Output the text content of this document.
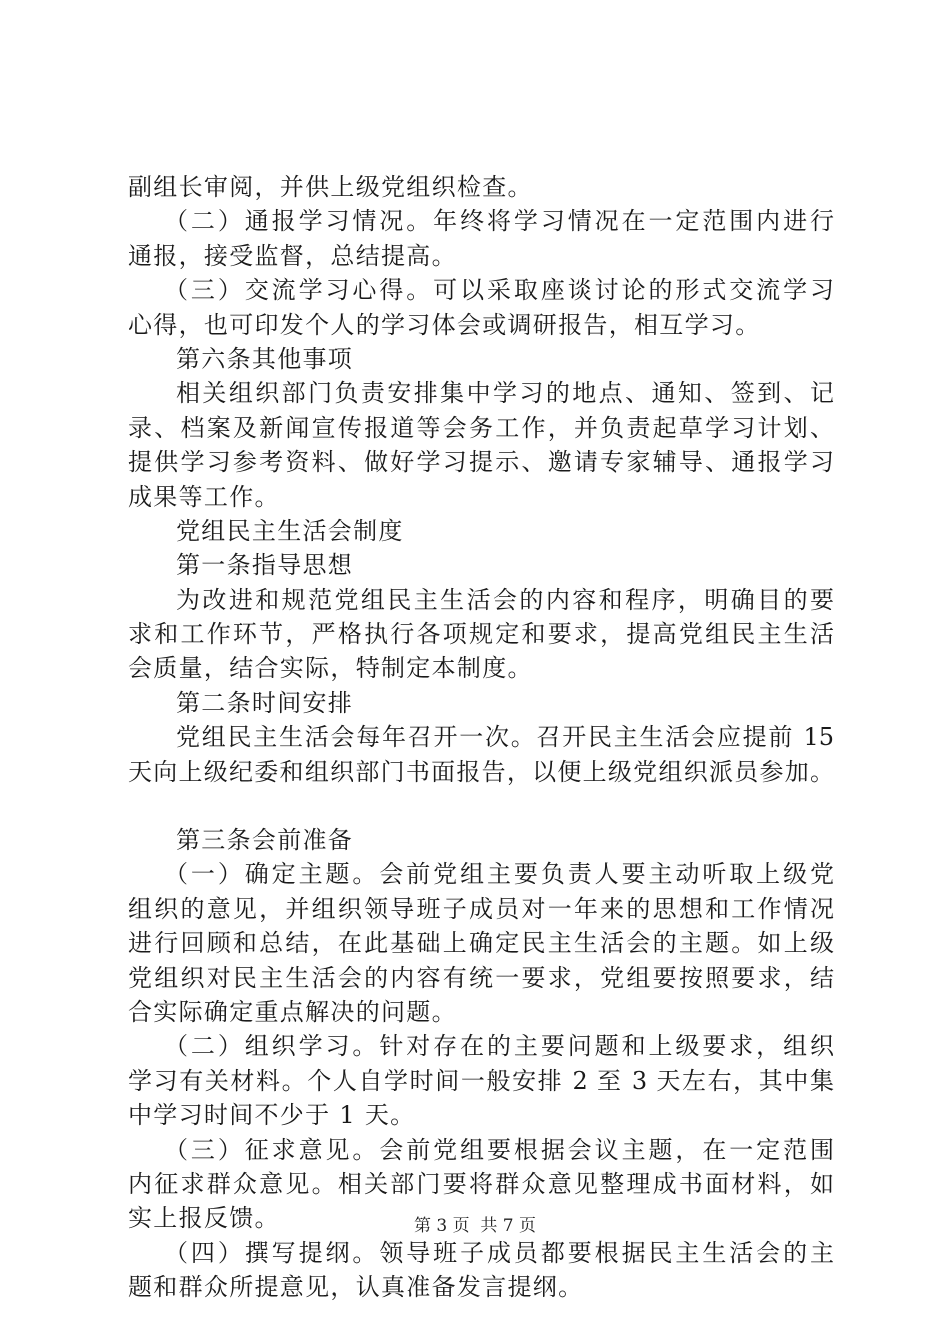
副组长审阅，并供上级党组织检查。
（二）通报学习情况。年终将学习情况在一定范围内进行
通报，接受监督，总结提高。
（三）交流学习心得。可以采取座谈讨论的形式交流学习
心得，也可印发个人的学习体会或调研报告，相互学习。
第六条其他事项
相关组织部门负责安排集中学习的地点、通知、签到、记
录、档案及新闻宣传报道等会务工作，并负责起草学习计划、
提供学习参考资料、做好学习提示、邀请专家辅导、通报学习
成果等工作。
党组民主生活会制度
第一条指导思想
为改进和规范党组民主生活会的内容和程序，明确目的要
求和工作环节，严格执行各项规定和要求，提高党组民主生活
会质量，结合实际，特制定本制度。
第二条时间安排
党组民主生活会每年召开一次。召开民主生活会应提前 15
天向上级纪委和组织部门书面报告，以便上级党组织派员参加。
第三条会前准备
（一）确定主题。会前党组主要负责人要主动听取上级党
组织的意见，并组织领导班子成员对一年来的思想和工作情况
进行回顾和总结，在此基础上确定民主生活会的主题。如上级
党组织对民主生活会的内容有统一要求，党组要按照要求，结
合实际确定重点解决的问题。
（二）组织学习。针对存在的主要问题和上级要求，组织
学习有关材料。个人自学时间一般安排 2 至 3 天左右，其中集
中学习时间不少于 1 天。
（三）征求意见。会前党组要根据会议主题，在一定范围
内征求群众意见。相关部门要将群众意见整理成书面材料，如
实上报反馈。
（四）撰写提纲。领导班子成员都要根据民主生活会的主
题和群众所提意见，认真准备发言提纲。
第 3 页 共 7 页
